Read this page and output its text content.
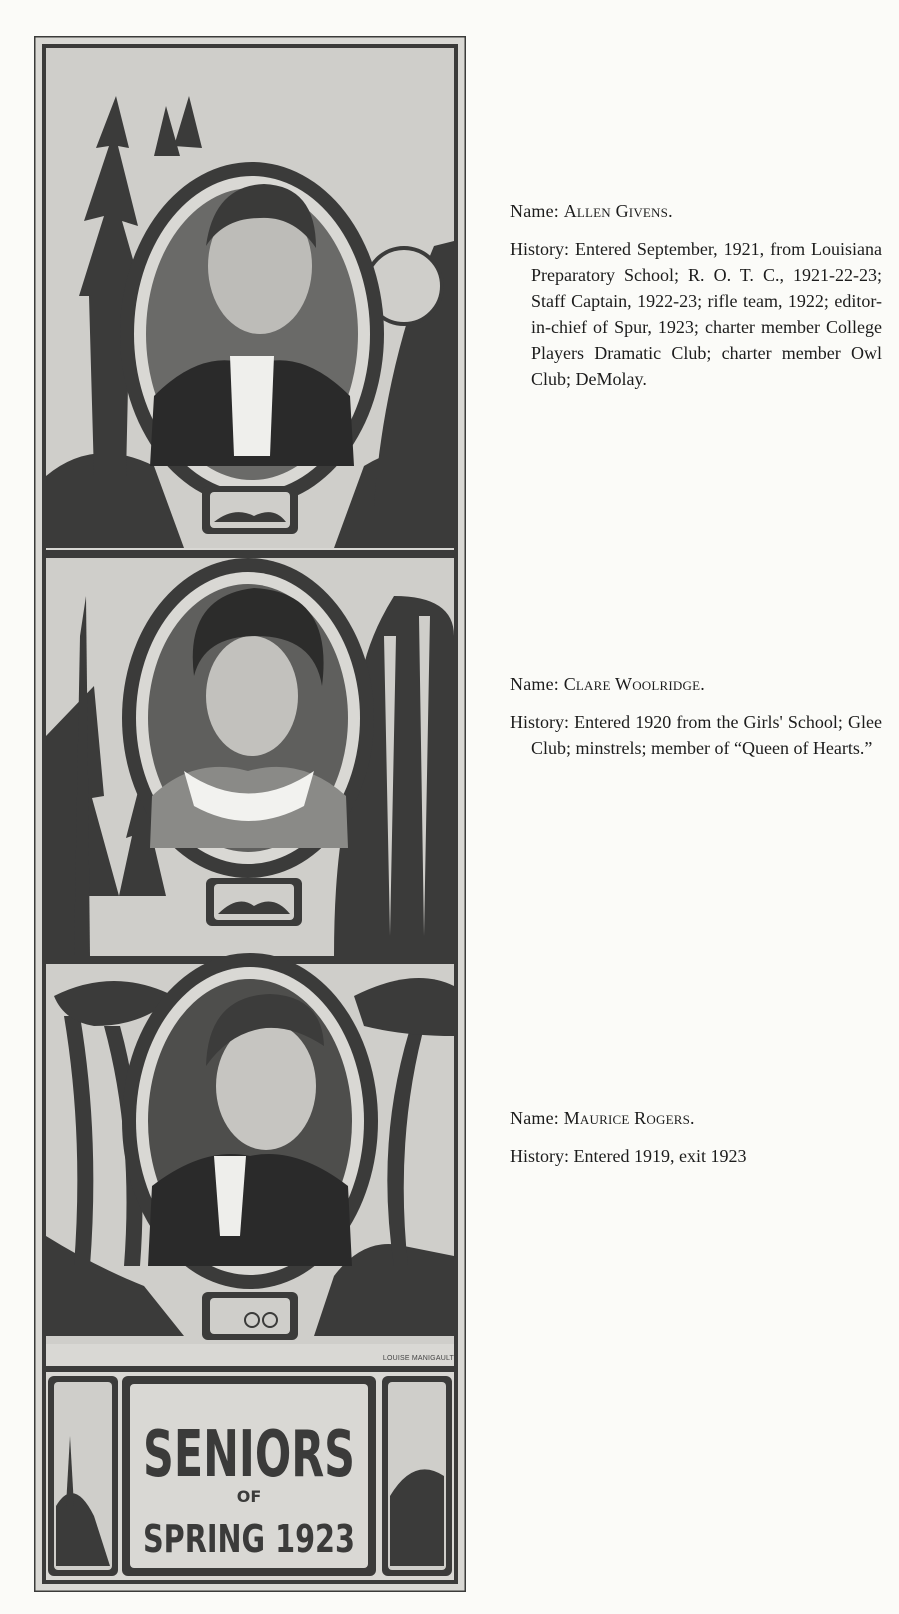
LOUISE MANIGAULT
SENIORS
OF
SPRING 1923

Name: Allen Givens.

History: Entered September, 1921, from Louisiana Preparatory School; R. O. T. C., 1921-22-23; Staff Captain, 1922-23; rifle team, 1922; editor-in-chief of Spur, 1923; charter member College Players Dramatic Club; charter member Owl Club; DeMolay.

Name: Clare Woolridge.

History: Entered 1920 from the Girls' School; Glee Club; minstrels; member of “Queen of Hearts.”

Name: Maurice Rogers.

History: Entered 1919, exit 1923
